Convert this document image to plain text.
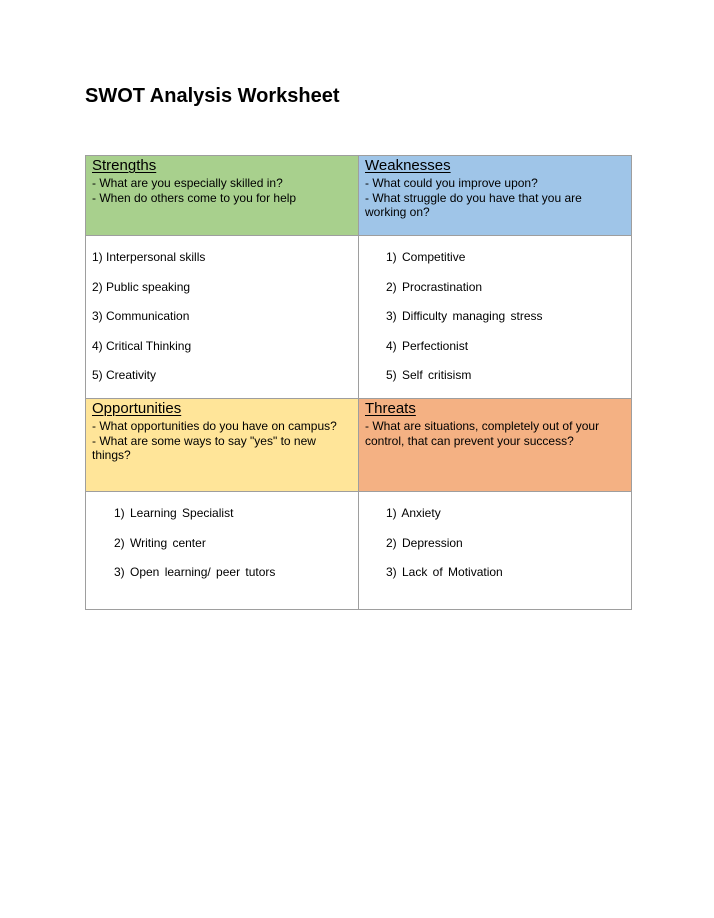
SWOT Analysis Worksheet
Strengths

- What are you especially skilled in?

- When do others come to you for help

Weaknesses

- What could you improve upon?

- What struggle do you have that you are working on?

1) Interpersonal skills
2) Public speaking
3) Communication
4) Critical Thinking
5) Creativity
1) Competitive
2) Procrastination
3) Difficulty managing stress
4) Perfectionist
5) Self critisism
Opportunities

- What opportunities do you have on campus?

- What are some ways to say "yes" to new things?

Threats

- What are situations, completely out of your control, that can prevent your success?

1) Learning Specialist
2) Writing center
3) Open learning/ peer tutors
1) Anxiety
2) Depression
3) Lack of Motivation
